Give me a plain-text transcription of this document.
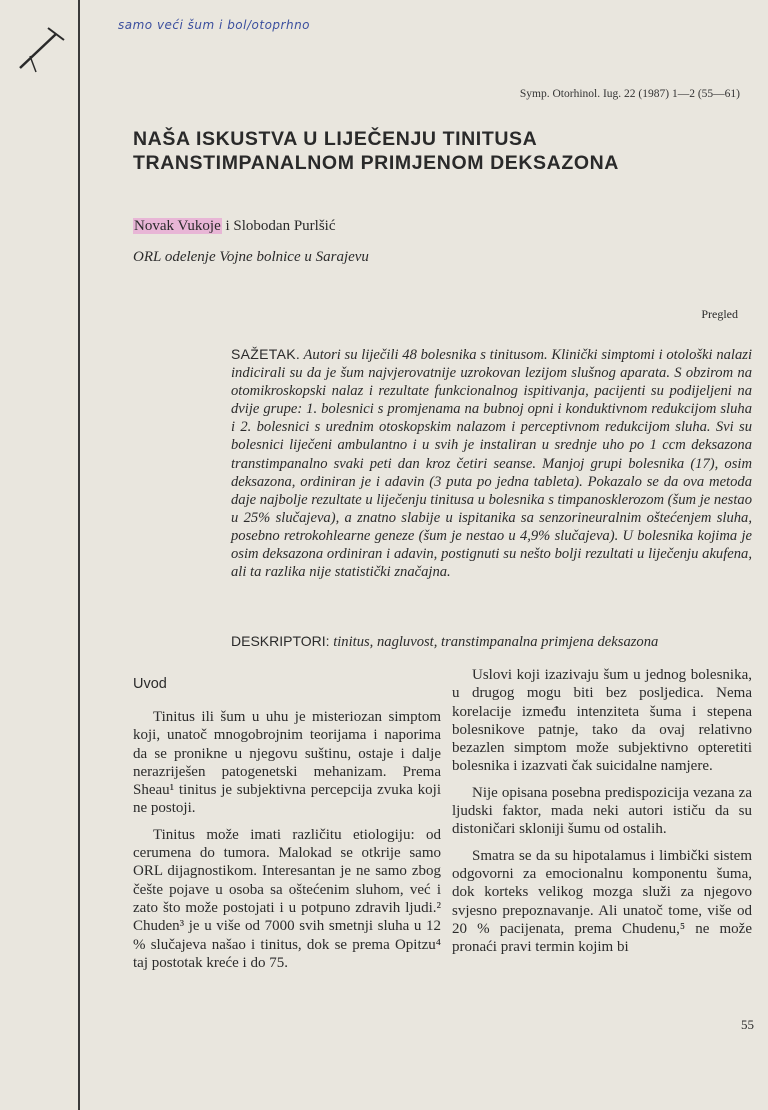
samo veći šum i bol/otoprhno
Symp. Otorhinol. Iug. 22 (1987) 1—2 (55—61)
NAŠA ISKUSTVA U LIJEČENJU TINITUSA TRANSTIMPANALNOM PRIMJENOM DEKSAZONA
Novak Vukoje i Slobodan Purlšić
ORL odelenje Vojne bolnice u Sarajevu
Pregled

SAŽETAK. Autori su liječili 48 bolesnika s tinitusom. Klinički simptomi i otološki nalazi indicirali su da je šum najvjerovatnije uzrokovan lezijom slušnog aparata. S obzirom na otomikroskopski nalaz i rezultate funkcionalnog ispitivanja, pacijenti su podijeljeni na dvije grupe: 1. bolesnici s promjenama na bubnoj opni i konduktivnom redukcijom sluha i 2. bolesnici s urednim otoskopskim nalazom i perceptivnom redukcijom sluha. Svi su bolesnici liječeni ambulantno i u svih je instaliran u srednje uho po 1 ccm deksazona transtimpanalno svaki peti dan kroz četiri seanse. Manjoj grupi bolesnika (17), osim deksazona, ordiniran je i adavin (3 puta po jedna tableta). Pokazalo se da ova metoda daje najbolje rezultate u liječenju tinitusa u bolesnika s timpanosklerozom (šum je nestao u 25% slučajeva), a znatno slabije u ispitanika sa senzorineuralnim oštećenjem sluha, posebno retrokohlearne geneze (šum je nestao u 4,9% slučajeva). U bolesnika kojima je osim deksazona ordiniran i adavin, postignuti su nešto bolji rezultati u liječenju akufena, ali ta razlika nije statistički značajna.

DESKRIPTORI: tinitus, nagluvost, transtimpanalna primjena deksazona

Uvod

Tinitus ili šum u uhu je misteriozan simptom koji, unatoč mnogobrojnim teorijama i naporima da se pronikne u njegovu suštinu, ostaje i dalje nerazriješen patogenetski mehanizam. Prema Sheau¹ tinitus je subjektivna percepcija zvuka koji ne postoji.

Tinitus može imati različitu etiologiju: od cerumena do tumora. Malokad se otkrije samo ORL dijagnostikom. Interesantan je ne samo zbog češte pojave u osoba sa oštećenim sluhom, već i zato što može postojati i u potpuno zdravih ljudi.² Chuden³ je u više od 7000 svih smetnji sluha u 12 % slučajeva našao i tinitus, dok se prema Opitzu⁴ taj postotak kreće i do 75.

Uslovi koji izazivaju šum u jednog bolesnika, u drugog mogu biti bez posljedica. Nema korelacije između intenziteta šuma i stepena bolesnikove patnje, tako da ovaj relativno bezazlen simptom može subjektivno opteretiti bolesnika i izazvati čak suicidalne namjere.

Nije opisana posebna predispozicija vezana za ljudski faktor, mada neki autori ističu da su distoničari skloniji šumu od ostalih.

Smatra se da su hipotalamus i limbički sistem odgovorni za emocionalnu komponentu šuma, dok korteks velikog mozga služi za njegovo svjesno prepoznavanje. Ali unatoč tome, više od 20 % pacijenata, prema Chudenu,⁵ ne može pronaći pravi termin kojim bi

55
